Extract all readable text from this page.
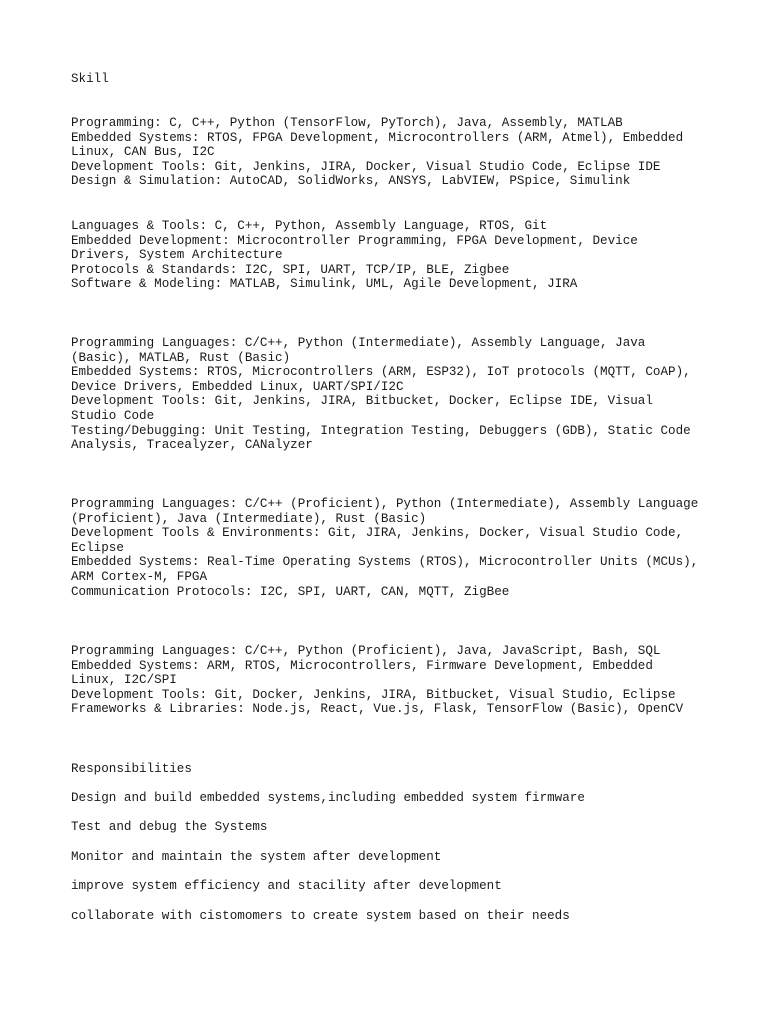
Skill

Programming: C, C++, Python (TensorFlow, PyTorch), Java, Assembly, MATLAB
Embedded Systems: RTOS, FPGA Development, Microcontrollers (ARM, Atmel), Embedded
Linux, CAN Bus, I2C
Development Tools: Git, Jenkins, JIRA, Docker, Visual Studio Code, Eclipse IDE
Design & Simulation: AutoCAD, SolidWorks, ANSYS, LabVIEW, PSpice, Simulink
Languages & Tools: C, C++, Python, Assembly Language, RTOS, Git
Embedded Development: Microcontroller Programming, FPGA Development, Device
Drivers, System Architecture
Protocols & Standards: I2C, SPI, UART, TCP/IP, BLE, Zigbee
Software & Modeling: MATLAB, Simulink, UML, Agile Development, JIRA
Programming Languages: C/C++, Python (Intermediate), Assembly Language, Java
(Basic), MATLAB, Rust (Basic)
Embedded Systems: RTOS, Microcontrollers (ARM, ESP32), IoT protocols (MQTT, CoAP),
Device Drivers, Embedded Linux, UART/SPI/I2C
Development Tools: Git, Jenkins, JIRA, Bitbucket, Docker, Eclipse IDE, Visual
Studio Code
Testing/Debugging: Unit Testing, Integration Testing, Debuggers (GDB), Static Code
Analysis, Tracealyzer, CANalyzer
Programming Languages: C/C++ (Proficient), Python (Intermediate), Assembly Language
(Proficient), Java (Intermediate), Rust (Basic)
Development Tools & Environments: Git, JIRA, Jenkins, Docker, Visual Studio Code,
Eclipse
Embedded Systems: Real-Time Operating Systems (RTOS), Microcontroller Units (MCUs),
ARM Cortex-M, FPGA
Communication Protocols: I2C, SPI, UART, CAN, MQTT, ZigBee
Programming Languages: C/C++, Python (Proficient), Java, JavaScript, Bash, SQL
Embedded Systems: ARM, RTOS, Microcontrollers, Firmware Development, Embedded
Linux, I2C/SPI
Development Tools: Git, Docker, Jenkins, JIRA, Bitbucket, Visual Studio, Eclipse
Frameworks & Libraries: Node.js, React, Vue.js, Flask, TensorFlow (Basic), OpenCV

Responsibilities

Design and build embedded systems,including embedded system firmware

Test and debug the Systems

Monitor and maintain the system after development

improve system efficiency and stacility after development

collaborate with cistomomers to create system based on their needs
